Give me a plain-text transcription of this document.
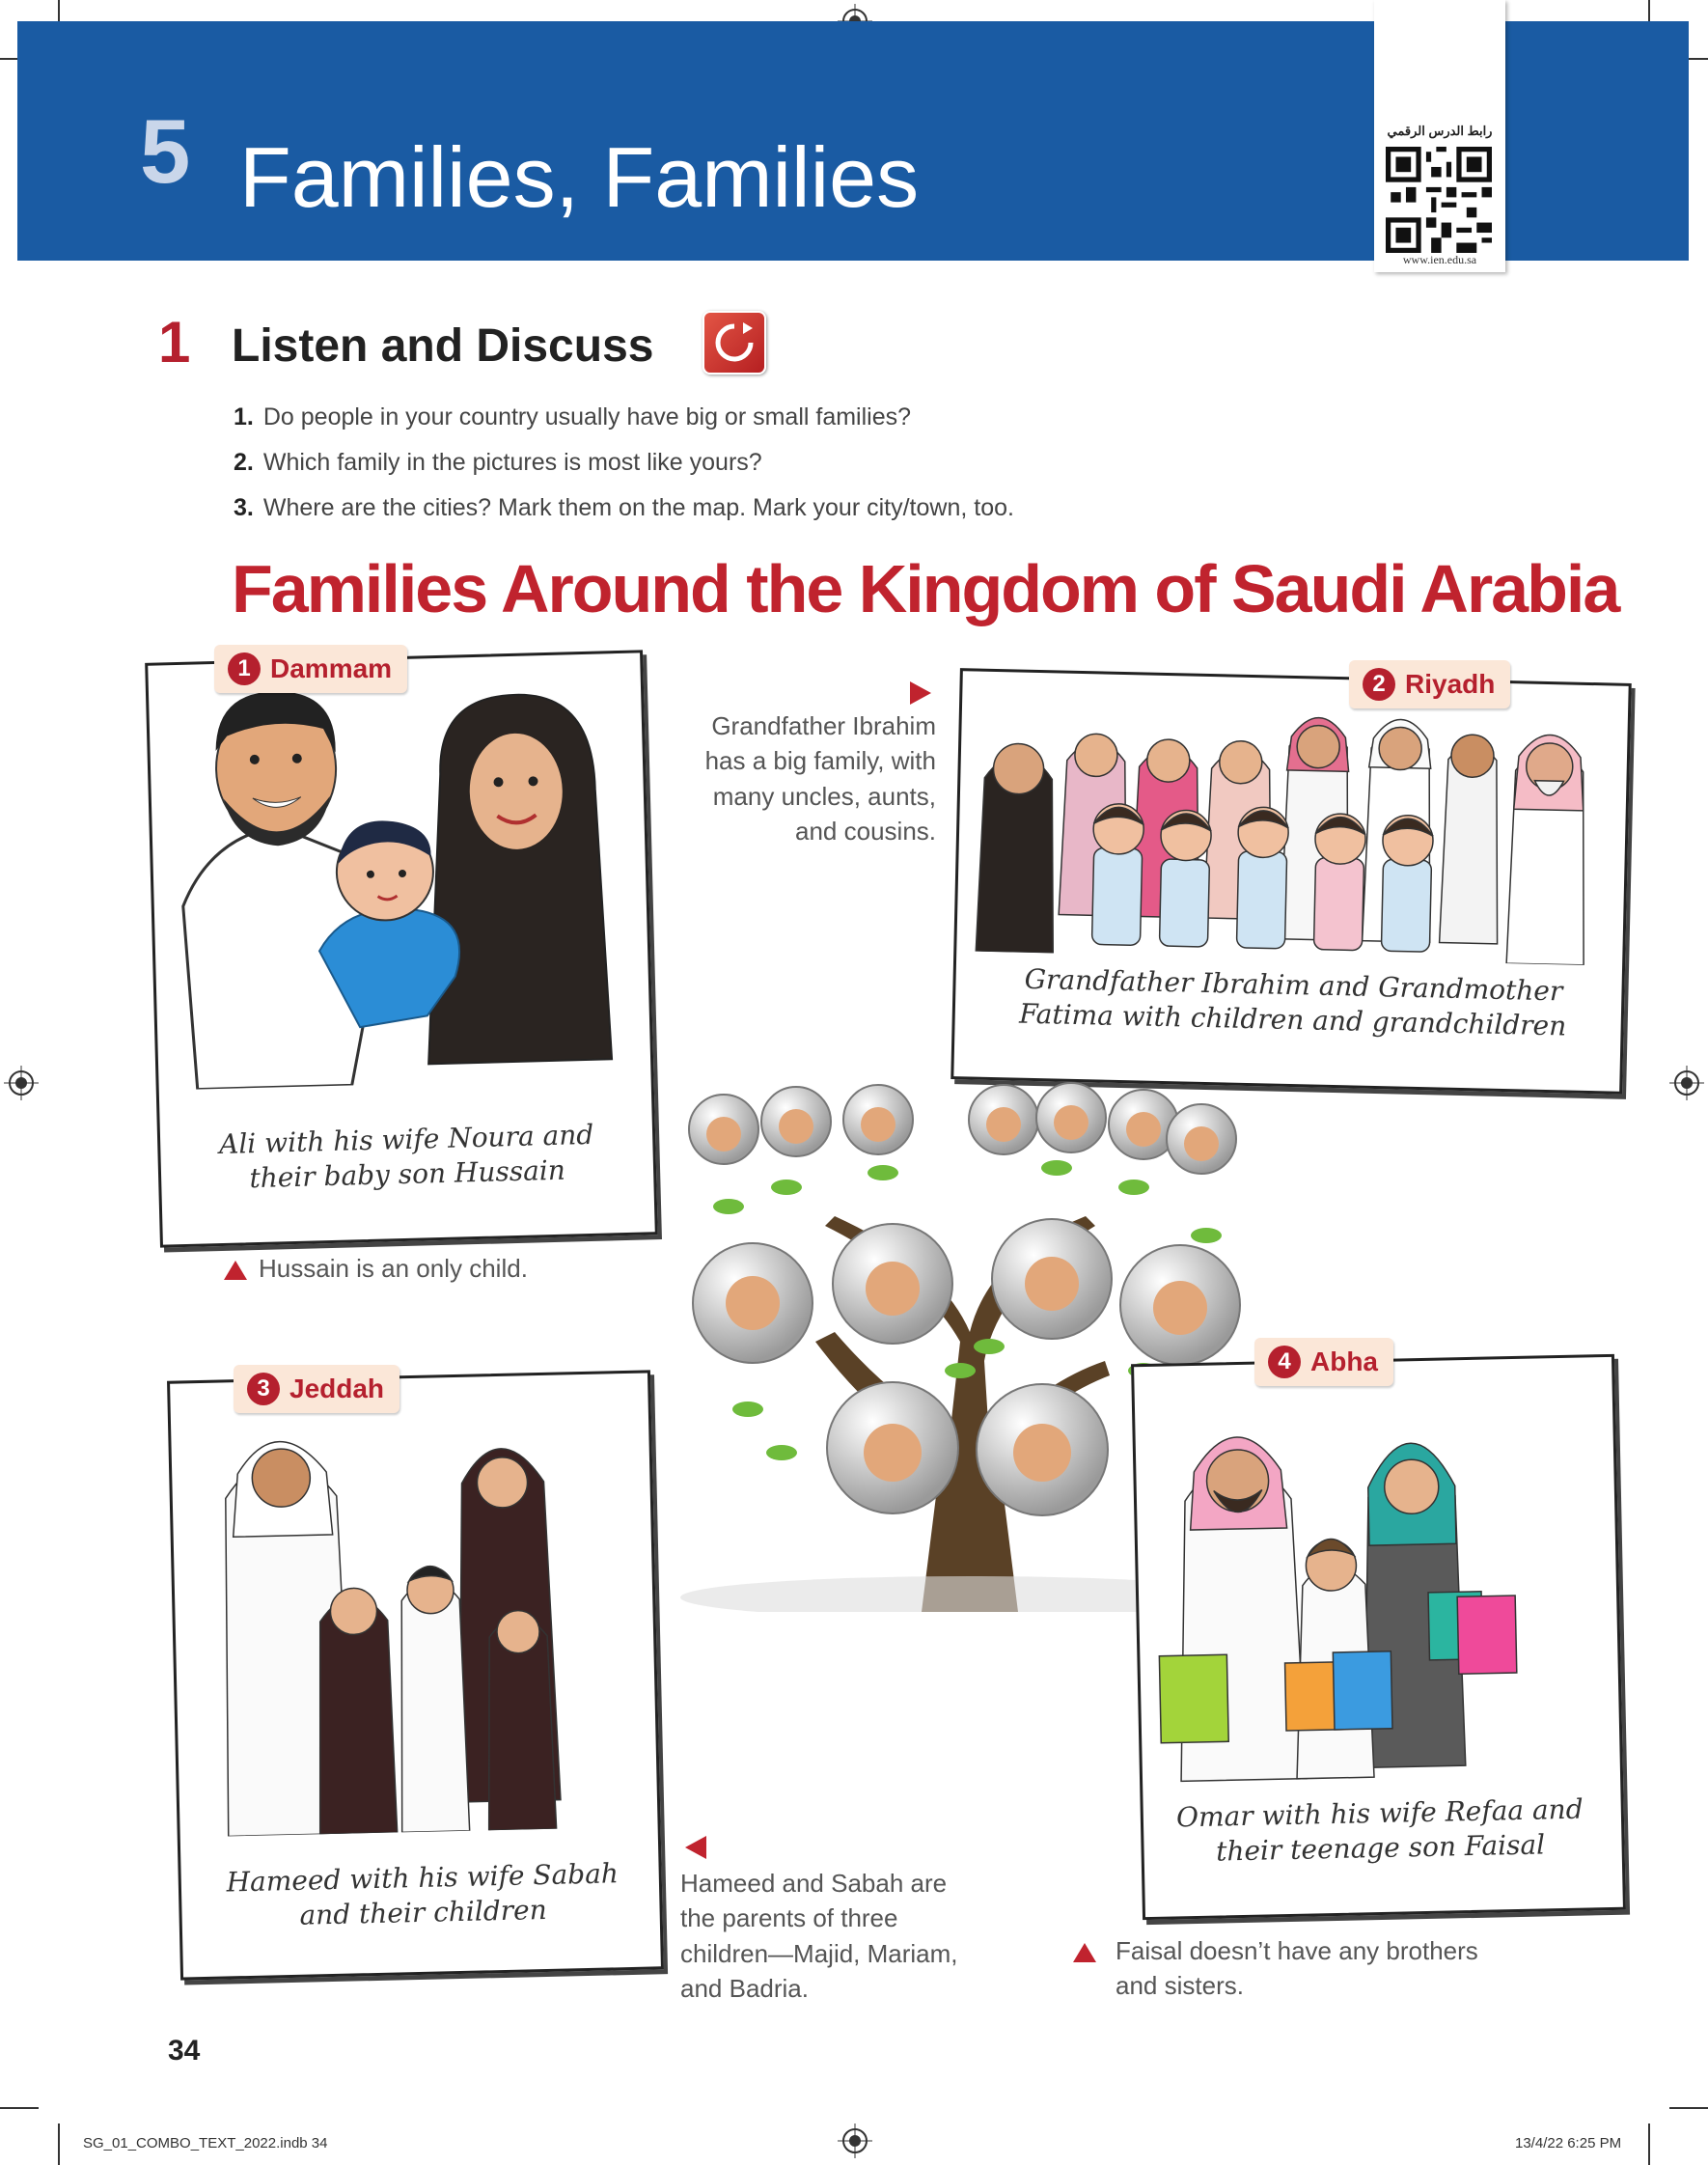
5 Families, Families	رابط الدرس الرقمي
www.ien.edu.sa
1 Listen and Discuss
1. Do people in your country usually have big or small families?
2. Which family in the pictures is most like yours?
3. Where are the cities? Mark them on the map. Mark your city/town, too.
Families Around the Kingdom of Saudi Arabia
Ali with his wife Noura and their baby son Hussain
1 Dammam
Hussain is an only child.
Grandfather Ibrahim has a big family, with many uncles, aunts, and cousins.
Grandfather Ibrahim and Grandmother Fatima with children and grandchildren
2 Riyadh
Hameed with his wife Sabah and their children
3 Jeddah
Hameed and Sabah are the parents of three children—Majid, Mariam, and Badria.
Omar with his wife Refaa and their teenage son Faisal
4 Abha
Faisal doesn’t have any brothers and sisters.
34
SG_01_COMBO_TEXT_2022.indb 34	13/4/22 6:25 PM
